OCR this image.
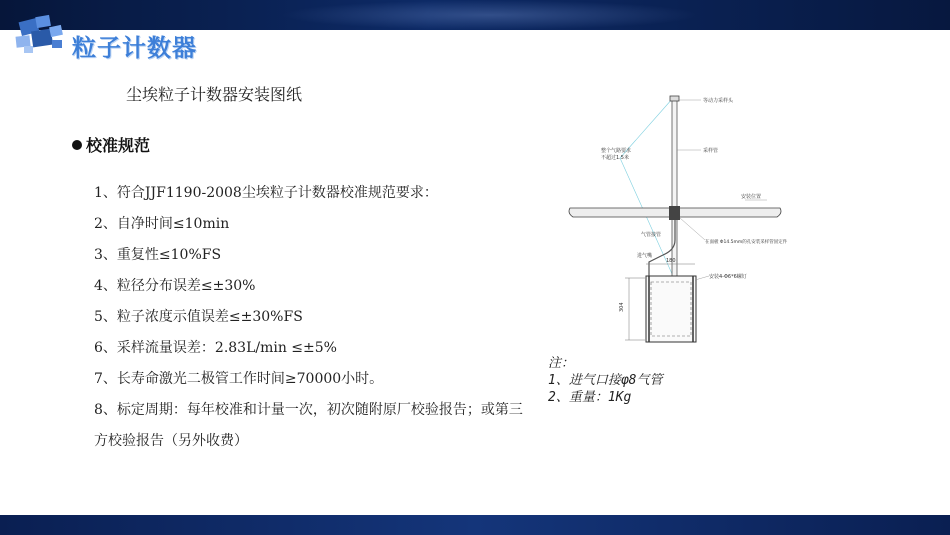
粒子计数器
尘埃粒子计数器安装图纸
校准规范
1、符合JJF1190-2008尘埃粒子计数器校准规范要求：
2、自净时间≤10min
3、重复性≤10%FS
4、粒径分布误差≤±30%
5、粒子浓度示值误差≤±30%FS
6、采样流量误差：2.83L/min ≤±5%
7、长寿命激光二极管工作时间≥70000小时。
8、标定周期：每年校准和计量一次，初次随附原厂校验报告；或第三方校验报告（另外收费）
等动力采样头
整个气路要求
不超过1.5米
采样管
安装位置
在面板 Φ14.5mm的孔安装采样管固定件
气管接管
进气嘴
180
304
安装4-Φ6*6螺钉
注：
1、进气口接φ8气管
2、重量：1Kg
